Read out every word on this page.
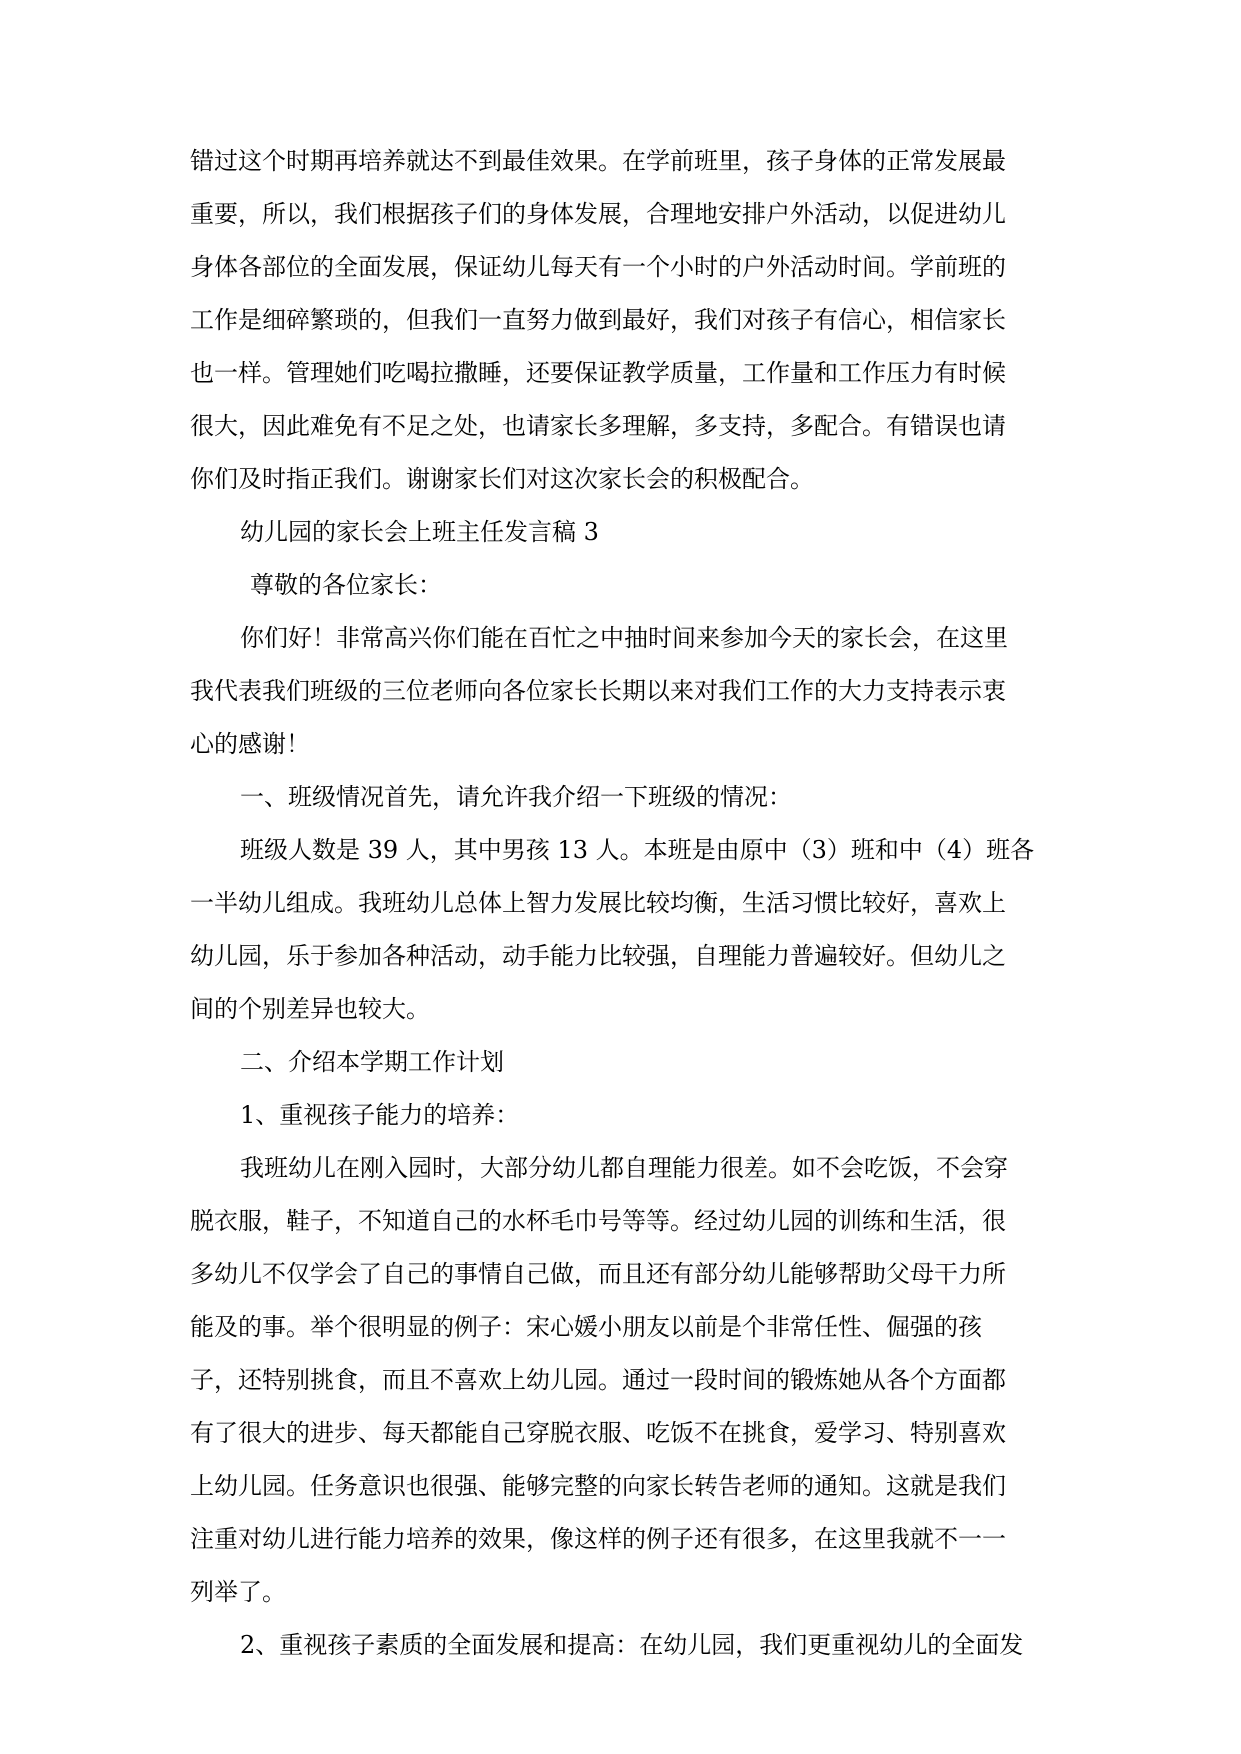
错过这个时期再培养就达不到最佳效果。在学前班里，孩子身体的正常发展最
重要，所以，我们根据孩子们的身体发展，合理地安排户外活动，以促进幼儿
身体各部位的全面发展，保证幼儿每天有一个小时的户外活动时间。学前班的
工作是细碎繁琐的，但我们一直努力做到最好，我们对孩子有信心，相信家长
也一样。管理她们吃喝拉撒睡，还要保证教学质量，工作量和工作压力有时候
很大，因此难免有不足之处，也请家长多理解，多支持，多配合。有错误也请
你们及时指正我们。谢谢家长们对这次家长会的积极配合。
幼儿园的家长会上班主任发言稿 3
尊敬的各位家长：
你们好！非常高兴你们能在百忙之中抽时间来参加今天的家长会，在这里
我代表我们班级的三位老师向各位家长长期以来对我们工作的大力支持表示衷
心的感谢！
一、班级情况首先，请允许我介绍一下班级的情况：
班级人数是 39 人，其中男孩 13 人。本班是由原中（3）班和中（4）班各
一半幼儿组成。我班幼儿总体上智力发展比较均衡，生活习惯比较好，喜欢上
幼儿园，乐于参加各种活动，动手能力比较强，自理能力普遍较好。但幼儿之
间的个别差异也较大。
二、介绍本学期工作计划
1、重视孩子能力的培养：
我班幼儿在刚入园时，大部分幼儿都自理能力很差。如不会吃饭，不会穿
脱衣服，鞋子，不知道自己的水杯毛巾号等等。经过幼儿园的训练和生活，很
多幼儿不仅学会了自己的事情自己做，而且还有部分幼儿能够帮助父母干力所
能及的事。举个很明显的例子：宋心媛小朋友以前是个非常任性、倔强的孩
子，还特别挑食，而且不喜欢上幼儿园。通过一段时间的锻炼她从各个方面都
有了很大的进步、每天都能自己穿脱衣服、吃饭不在挑食，爱学习、特别喜欢
上幼儿园。任务意识也很强、能够完整的向家长转告老师的通知。这就是我们
注重对幼儿进行能力培养的效果，像这样的例子还有很多，在这里我就不一一
列举了。
2、重视孩子素质的全面发展和提高：在幼儿园，我们更重视幼儿的全面发
